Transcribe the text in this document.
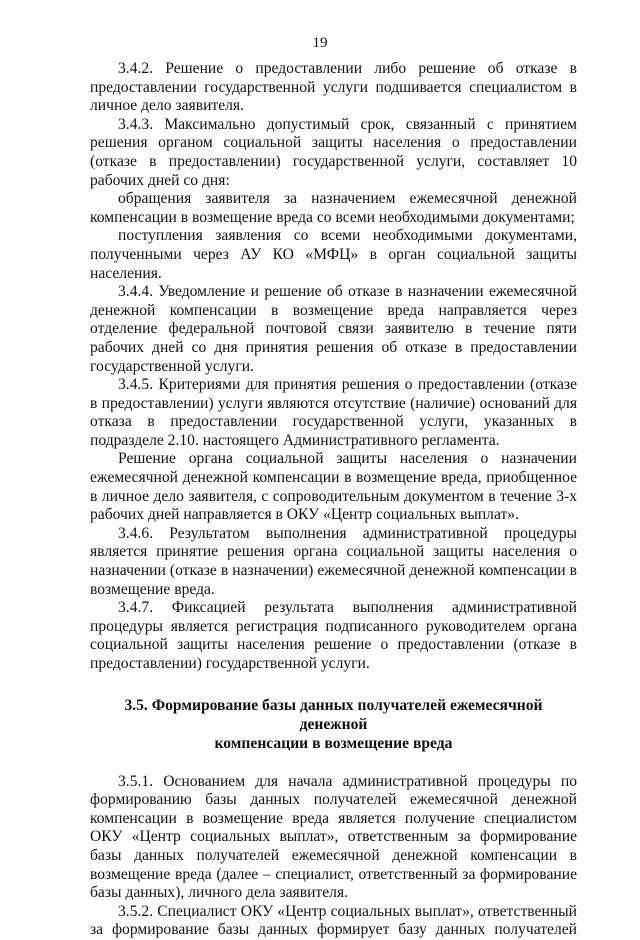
19

3.4.2. Решение о предоставлении либо решение об отказе в предоставлении государственной услуги подшивается специалистом в личное дело заявителя.

3.4.3. Максимально допустимый срок, связанный с принятием решения органом социальной защиты населения о предоставлении (отказе в предоставлении) государственной услуги, составляет 10 рабочих дней со дня:

обращения заявителя за назначением ежемесячной денежной компенсации в возмещение вреда со всеми необходимыми документами;

поступления заявления со всеми необходимыми документами, полученными через АУ КО «МФЦ» в орган социальной защиты населения.

3.4.4. Уведомление и решение об отказе в назначении ежемесячной денежной компенсации в возмещение вреда направляется через отделение федеральной почтовой связи заявителю в течение пяти рабочих дней со дня принятия решения об отказе в предоставлении государственной услуги.

3.4.5. Критериями для принятия решения о предоставлении (отказе в предоставлении) услуги являются отсутствие (наличие) оснований для отказа в предоставлении государственной услуги, указанных в подразделе 2.10. настоящего Административного регламента.

Решение органа социальной защиты населения о назначении ежемесячной денежной компенсации в возмещение вреда, приобщенное в личное дело заявителя, с сопроводительным документом в течение 3-х рабочих дней направляется в ОКУ «Центр социальных выплат».

3.4.6. Результатом выполнения административной процедуры является принятие решения органа социальной защиты населения о назначении (отказе в назначении) ежемесячной денежной компенсации в возмещение вреда.

3.4.7. Фиксацией результата выполнения административной процедуры является регистрация подписанного руководителем органа социальной защиты населения решение о предоставлении (отказе в предоставлении) государственной услуги.

3.5. Формирование базы данных получателей ежемесячной денежной
компенсации в возмещение вреда

3.5.1. Основанием для начала административной процедуры по формированию базы данных получателей ежемесячной денежной компенсации в возмещение вреда является получение специалистом ОКУ «Центр социальных выплат», ответственным за формирование базы данных получателей ежемесячной денежной компенсации в возмещение вреда (далее – специалист, ответственный за формирование базы данных), личного дела заявителя.

3.5.2. Специалист ОКУ «Центр социальных выплат», ответственный за формирование базы данных формирует базу данных получателей
